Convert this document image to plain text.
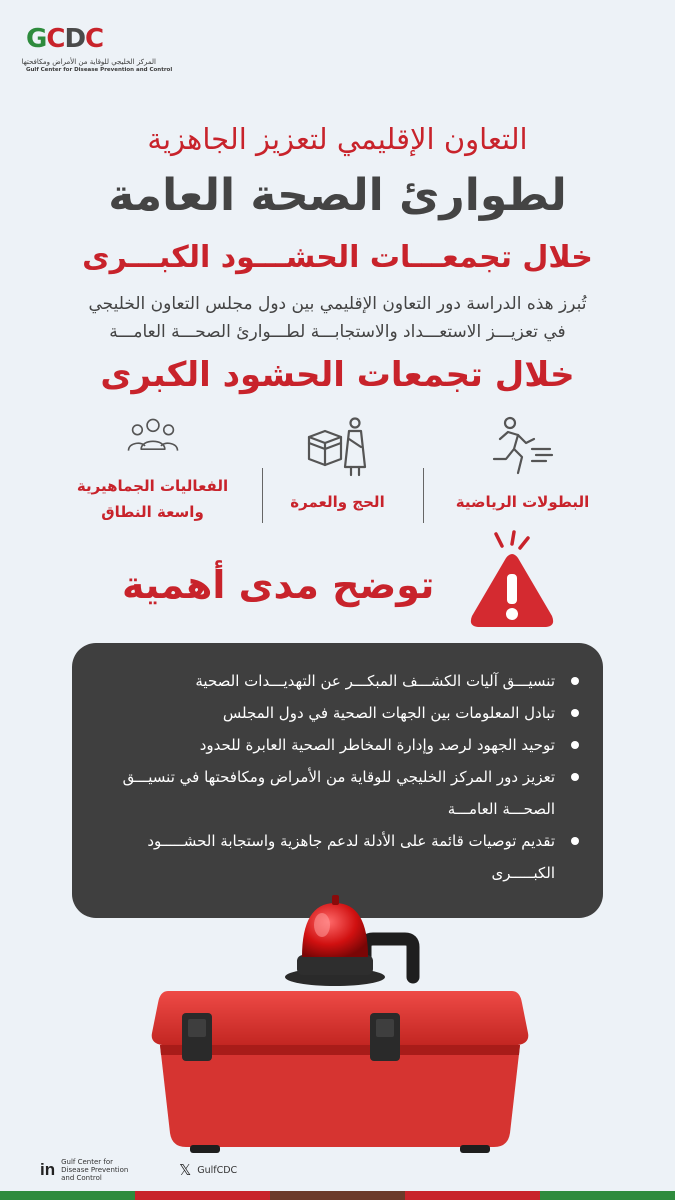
G C D C
المركز الخليجي للوقاية من الأمراض ومكافحتها
Gulf Center for Disease Prevention and Control
التعاون الإقليمي لتعزيز الجاهزية
لطوارئ الصحة العامة
خلال تجمعـــات الحشـــود الكبـــرى
تُبرز هذه الدراسة دور التعاون الإقليمي بين دول مجلس التعاون الخليجي
في تعزيـــز الاستعـــداد والاستجابـــة لطـــوارئ الصحـــة العامـــة
خلال تجمعات الحشود الكبرى
البطولات الرياضية
الحج والعمرة
الفعاليات الجماهيرية
واسعة النطاق
توضح مدى أهمية
تنسيـــق آليات الكشـــف المبكـــر عن التهديـــدات الصحية
تبادل المعلومات بين الجهات الصحية في دول المجلس
توحيد الجهود لرصد وإدارة المخاطر الصحية العابرة للحدود
تعزيز دور المركز الخليجي للوقاية من الأمراض ومكافحتها في تنسيـــق الصحـــة العامـــة
تقديم توصيات قائمة على الأدلة لدعم جاهزية واستجابة الحشـــــود الكبـــــرى
in Gulf Center for Disease Prevention and Control	𝕏 GulfCDC
